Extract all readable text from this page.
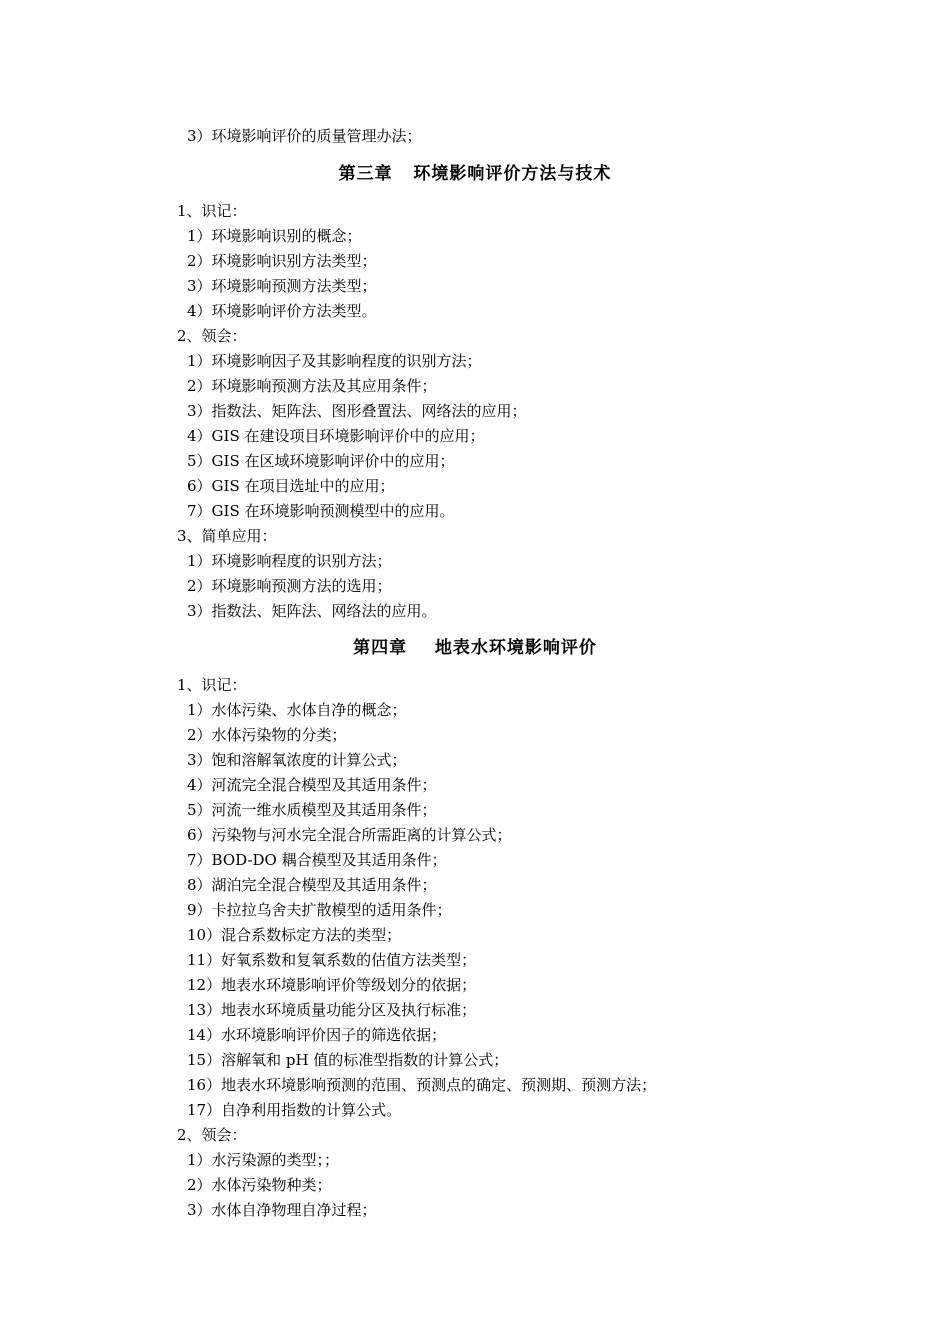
3）环境影响评价的质量管理办法；
第三章   环境影响评价方法与技术
1、识记：
1）环境影响识别的概念；
2）环境影响识别方法类型；
3）环境影响预测方法类型；
4）环境影响评价方法类型。
2、领会：
1）环境影响因子及其影响程度的识别方法；
2）环境影响预测方法及其应用条件；
3）指数法、矩阵法、图形叠置法、网络法的应用；
4）GIS 在建设项目环境影响评价中的应用；
5）GIS 在区域环境影响评价中的应用；
6）GIS 在项目选址中的应用；
7）GIS 在环境影响预测模型中的应用。
3、简单应用：
1）环境影响程度的识别方法；
2）环境影响预测方法的选用；
3）指数法、矩阵法、网络法的应用。
第四章    地表水环境影响评价
1、识记：
1）水体污染、水体自净的概念；
2）水体污染物的分类；
3）饱和溶解氧浓度的计算公式；
4）河流完全混合模型及其适用条件；
5）河流一维水质模型及其适用条件；
6）污染物与河水完全混合所需距离的计算公式；
7）BOD-DO 耦合模型及其适用条件；
8）湖泊完全混合模型及其适用条件；
9）卡拉拉乌舍夫扩散模型的适用条件；
10）混合系数标定方法的类型；
11）好氧系数和复氧系数的估值方法类型；
12）地表水环境影响评价等级划分的依据；
13）地表水环境质量功能分区及执行标准；
14）水环境影响评价因子的筛选依据；
15）溶解氧和 pH 值的标准型指数的计算公式；
16）地表水环境影响预测的范围、预测点的确定、预测期、预测方法；
17）自净利用指数的计算公式。
2、领会：
1）水污染源的类型；；
2）水体污染物种类；
3）水体自净物理自净过程；
